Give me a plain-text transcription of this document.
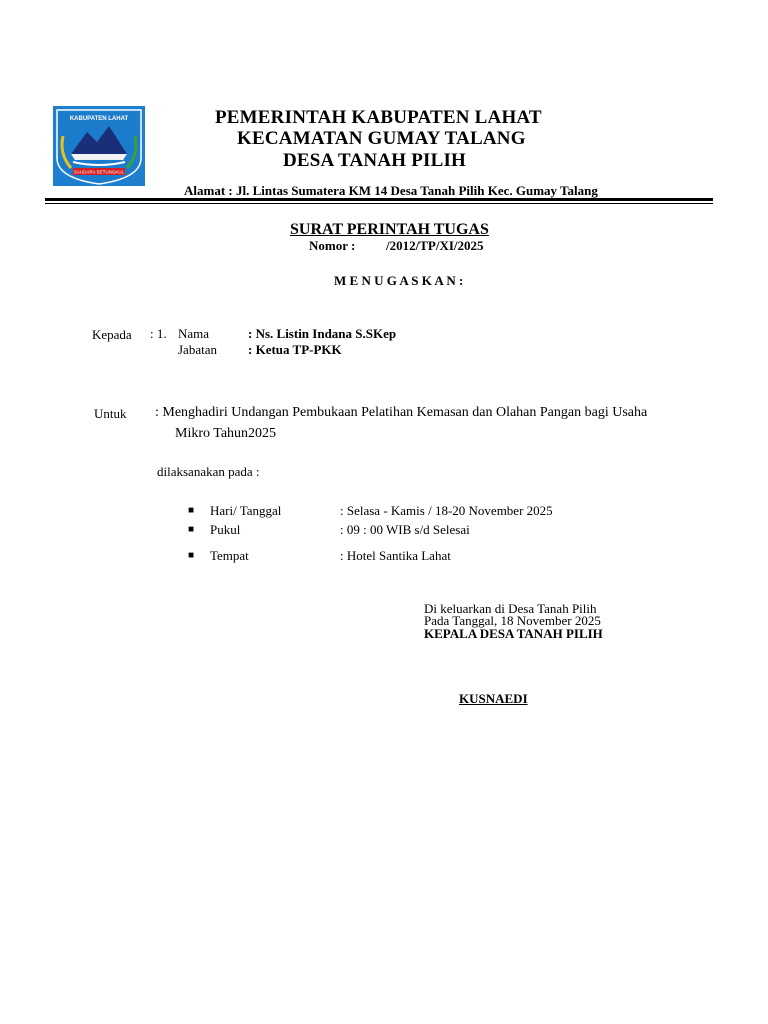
KABUPATEN LAHAT
SAUDARA BETUNGKUL
PEMERINTAH KABUPATEN LAHAT
KECAMATAN GUMAY TALANG
DESA TANAH PILIH
Alamat : Jl. Lintas Sumatera KM 14 Desa Tanah Pilih Kec. Gumay Talang
SURAT PERINTAH TUGAS
Nomor : /2012/TP/XI/2025
M E N U G A S K A N :
Kepada : 1. Nama	: Ns. Listin Indana S.SKep
Jabatan : Ketua TP-PKK
Untuk : Menghadiri Undangan Pembukaan Pelatihan Kemasan dan Olahan Pangan bagi Usaha
Mikro Tahun2025
dilaksanakan pada :
■ Hari/ Tanggal	: Selasa - Kamis / 18-20 November 2025
■ Pukul	: 09 : 00 WIB s/d Selesai
■ Tempat	: Hotel Santika Lahat
Di keluarkan di Desa Tanah Pilih
Pada Tanggal, 18 November 2025
KEPALA DESA TANAH PILIH
KUSNAEDI
